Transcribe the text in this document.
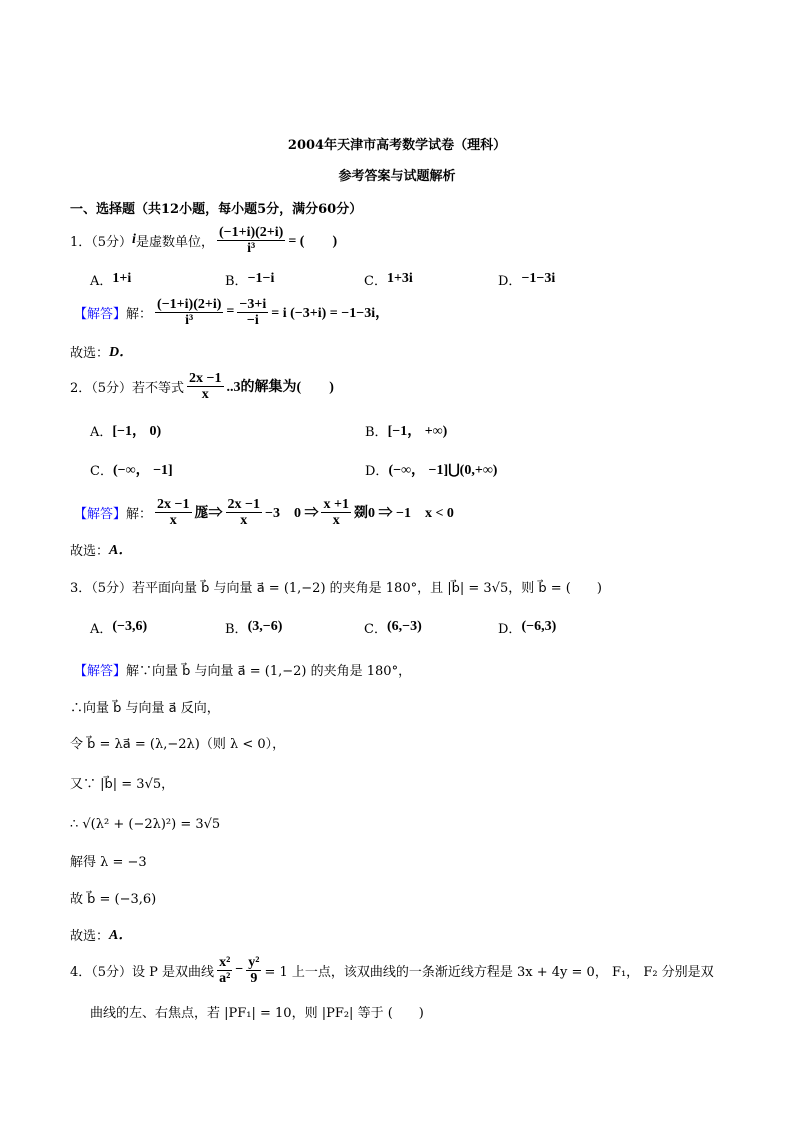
2004年天津市高考数学试卷（理科）
参考答案与试题解析
一、选择题（共12小题，每小题5分，满分60分）
1．（5分） i 是虚数单位， $\frac{(-1+i)(2+i)}{\text{i³}}$ = (　　)
A． 1+i	B． −1−i	C． 1+3i	D． −1−3i
【解答】 解： $\frac{(-1+i)(2+i)}{\text{i³}} = \frac{-3+i}{-i} = i$ (−3+i) = −1−3i，
故选： D．
2．（5分）若不等式 $\frac{2x -1}{x} ..3$的解集为(　　)
A． [−1， 0)	B． [−1， +∞)
C． (−∞， −1]	D． (−∞， −1]⋃(0,+∞)
【解答】 解： $\frac{2x -1}{x}$ 厖⇒ $\frac{2x -1}{x} -3$　0 ⇒ $\frac{x +1}{x}$ 剟0 ⇒ −1　x < 0
故选： A．
3．（5分）若平面向量 b⃗ 与向量 a⃗ = (1,−2) 的夹角是 180°，且 |b⃗| = 3√5，则 b⃗ = (　　)
A． (−3,6)	B． (3,−6)	C． (6,−3)	D． (−6,3)
【解答】 解∵向量 b⃗ 与向量 a⃗ = (1,−2) 的夹角是 180°，
∴向量 b⃗ 与向量 a⃗ 反向，
令 b⃗ = λa⃗ = (λ,−2λ)（则 λ < 0），
又∵ |b⃗| = 3√5，
∴ √(λ² + (−2λ)²) = 3√5
解得 λ = −3
故 b⃗ = (−3,6)
故选： A．
4．（5分）设 P 是双曲线 $\frac{\text{x²}}{\text{a²}} - \frac{\text{y²}}{9} = 1$ 上一点，该双曲线的一条渐近线方程是 3x + 4y = 0， F₁， F₂ 分别是双
曲线的左、右焦点，若 |PF₁| = 10，则 |PF₂| 等于 (　　)
